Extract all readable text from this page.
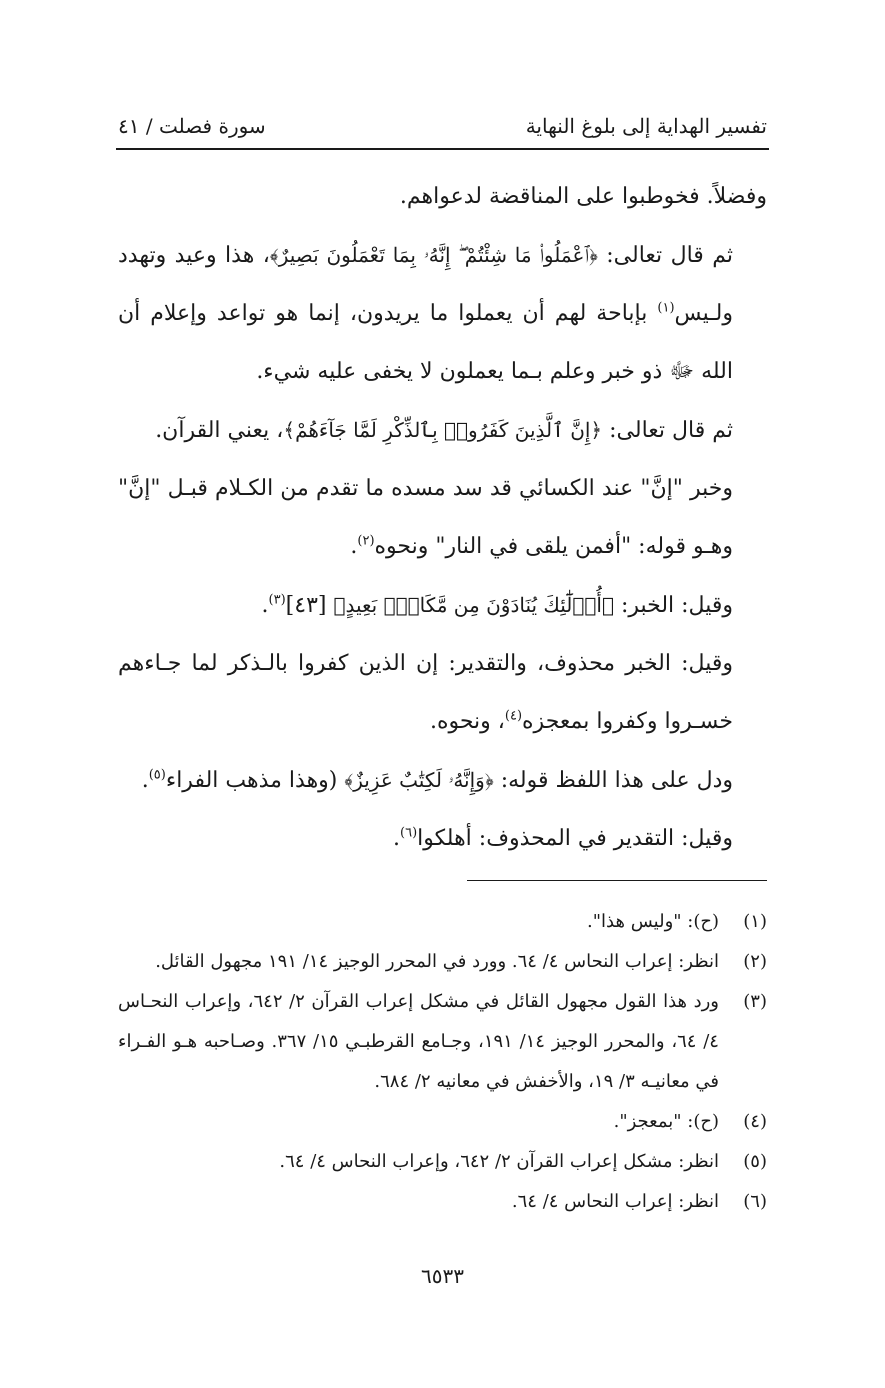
تفسير الهداية إلى بلوغ النهاية
سورة فصلت / ٤١

وفضلاً. فخوطبوا على المناقضة لدعواهم.

ثم قال تعالى: ﴿ٱعْمَلُوا۟ مَا شِئْتُمْ ۖ إِنَّهُۥ بِمَا تَعْمَلُونَ بَصِيرٌ﴾، هذا وعيد وتهدد ولـيس$^{(١)}$ بإباحة لهم أن يعملوا ما يريدون، إنما هو تواعد وإعلام أن الله ﷻ ذو خبر وعلم بـما يعملون لا يخفى عليه شيء.

ثم قال تعالى: ﴿إِنَّ ٱلَّذِينَ كَفَرُوا۟ بِٱلذِّكْرِ لَمَّا جَآءَهُمْ﴾، يعني القرآن.

وخبر "إنَّ" عند الكسائي قد سد مسده ما تقدم من الكـلام قبـل "إنَّ" وهـو قوله: "أفمن يلقى في النار" ونحوه$^{(٢)}$.

وقيل: الخبر: ﴿أُو۟لَٰٓئِكَ يُنَادَوْنَ مِن مَّكَانٍۭ بَعِيدٍ﴾ [٤٣]$^{(٣)}$.

وقيل: الخبر محذوف، والتقدير: إن الذين كفروا بالـذكر لما جـاءهم خسـروا وكفروا بمعجزه$^{(٤)}$، ونحوه.

ودل على هذا اللفظ قوله: ﴿وَإِنَّهُۥ لَكِتَٰبٌ عَزِيزٌ﴾ (وهذا مذهب الفراء$^{(٥)}$.

وقيل: التقدير في المحذوف: أهلكوا$^{(٦)}$.

(١)
(ح): "وليس هذا".
(٢)
انظر: إعراب النحاس ٤/ ٦٤. وورد في المحرر الوجيز ١٤/ ١٩١ مجهول القائل.
(٣)
ورد هذا القول مجهول القائل في مشكل إعراب القرآن ٢/ ٦٤٢، وإعراب النحـاس ٤/ ٦٤، والمحرر الوجيز ١٤/ ١٩١، وجـامع القرطبـي ١٥/ ٣٦٧. وصـاحبه هـو الفـراء في معانيـه ٣/ ١٩، والأخفش في معانيه ٢/ ٦٨٤.
(٤)
(ح): "بمعجز".
(٥)
انظر: مشكل إعراب القرآن ٢/ ٦٤٢، وإعراب النحاس ٤/ ٦٤.
(٦)
انظر: إعراب النحاس ٤/ ٦٤.
٦٥٣٣
